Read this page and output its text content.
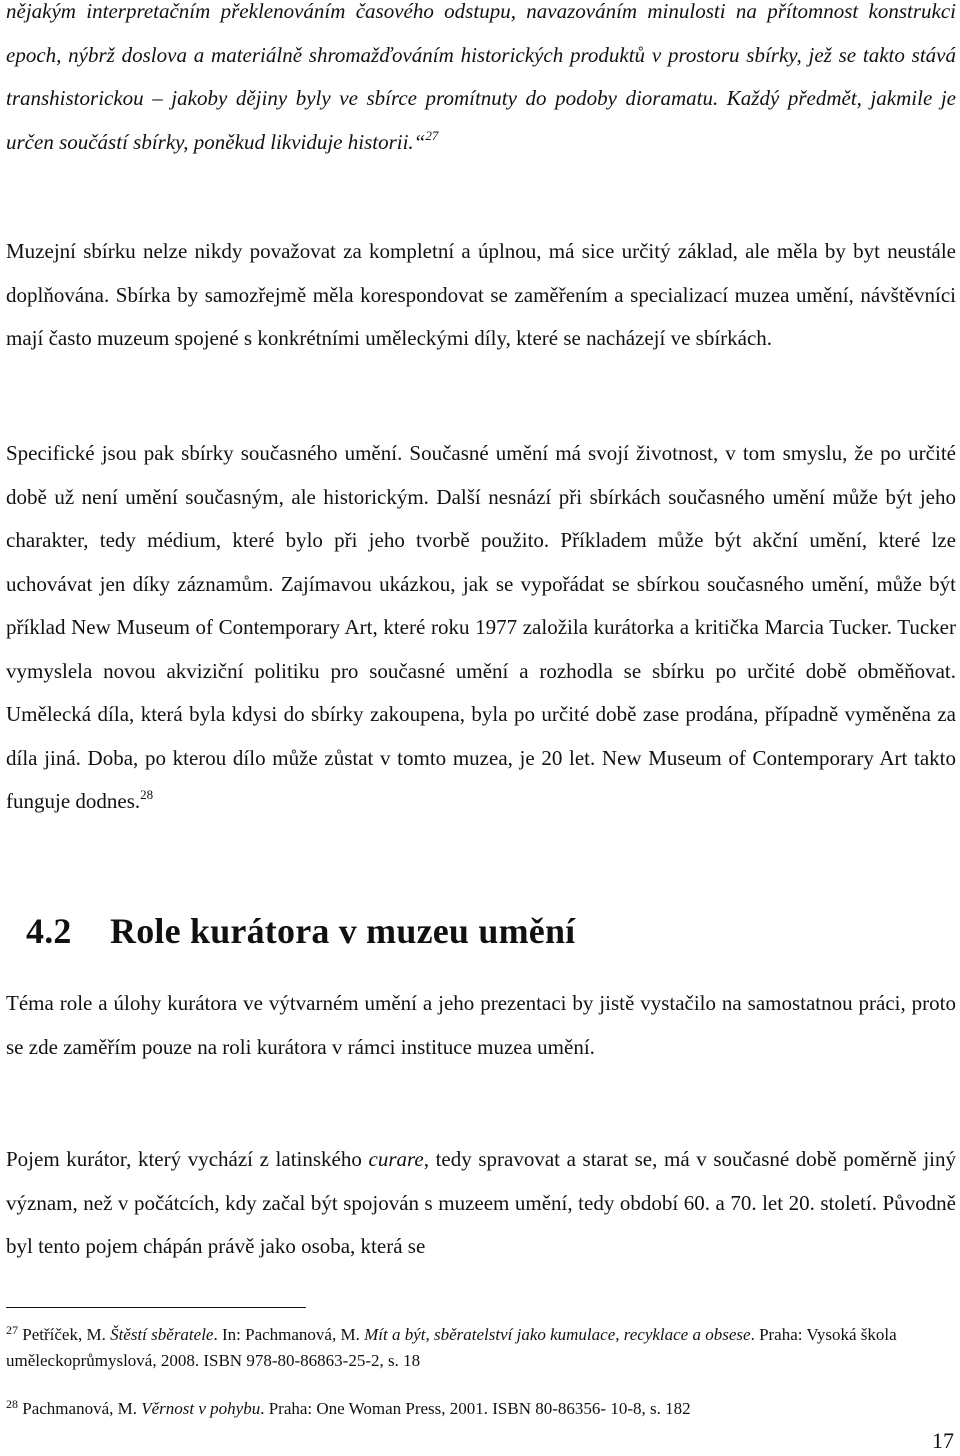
nějakým interpretačním překlenováním časového odstupu, navazováním minulosti na přítomnost konstrukci epoch, nýbrž doslova a materiálně shromažďováním historických produktů v prostoru sbírky, jež se takto stává transhistorickou – jakoby dějiny byly ve sbírce promítnuty do podoby dioramatu. Každý předmět, jakmile je určen součástí sbírky, poněkud likviduje historii.“$^{27}$

Muzejní sbírku nelze nikdy považovat za kompletní a úplnou, má sice určitý základ, ale měla by byt neustále doplňována. Sbírka by samozřejmě měla korespondovat se zaměřením a specializací muzea umění, návštěvníci mají často muzeum spojené s konkrétními uměleckými díly, které se nacházejí ve sbírkách.

Specifické jsou pak sbírky současného umění. Současné umění má svojí životnost, v tom smyslu, že po určité době už není umění současným, ale historickým. Další nesnází při sbírkách současného umění může být jeho charakter, tedy médium, které bylo při jeho tvorbě použito. Příkladem může být akční umění, které lze uchovávat jen díky záznamům. Zajímavou ukázkou, jak se vypořádat se sbírkou současného umění, může být příklad New Museum of Contemporary Art, které roku 1977 založila kurátorka a kritička Marcia Tucker. Tucker vymyslela novou akviziční politiku pro současné umění a rozhodla se sbírku po určité době obměňovat. Umělecká díla, která byla kdysi do sbírky zakoupena, byla po určité době zase prodána, případně vyměněna za díla jiná. Doba, po kterou dílo může zůstat v tomto muzea, je 20 let. New Museum of Contemporary Art takto funguje dodnes.$^{28}$

4.2 Role kurátora v muzeu umění

Téma role a úlohy kurátora ve výtvarném umění a jeho prezentaci by jistě vystačilo na samostatnou práci, proto se zde zaměřím pouze na roli kurátora v rámci instituce muzea umění.

Pojem kurátor, který vychází z latinského curare, tedy spravovat a starat se, má v současné době poměrně jiný význam, než v počátcích, kdy začal být spojován s muzeem umění, tedy období 60. a 70. let 20. století. Původně byl tento pojem chápán právě jako osoba, která se

$^{27}$ Petříček, M. Štěstí sběratele. In: Pachmanová, M. Mít a být, sběratelství jako kumulace, recyklace a obsese. Praha: Vysoká škola uměleckoprůmyslová, 2008. ISBN 978-80-86863-25-2, s. 18

$^{28}$ Pachmanová, M. Věrnost v pohybu. Praha: One Woman Press, 2001. ISBN 80-86356- 10-8, s. 182

17
